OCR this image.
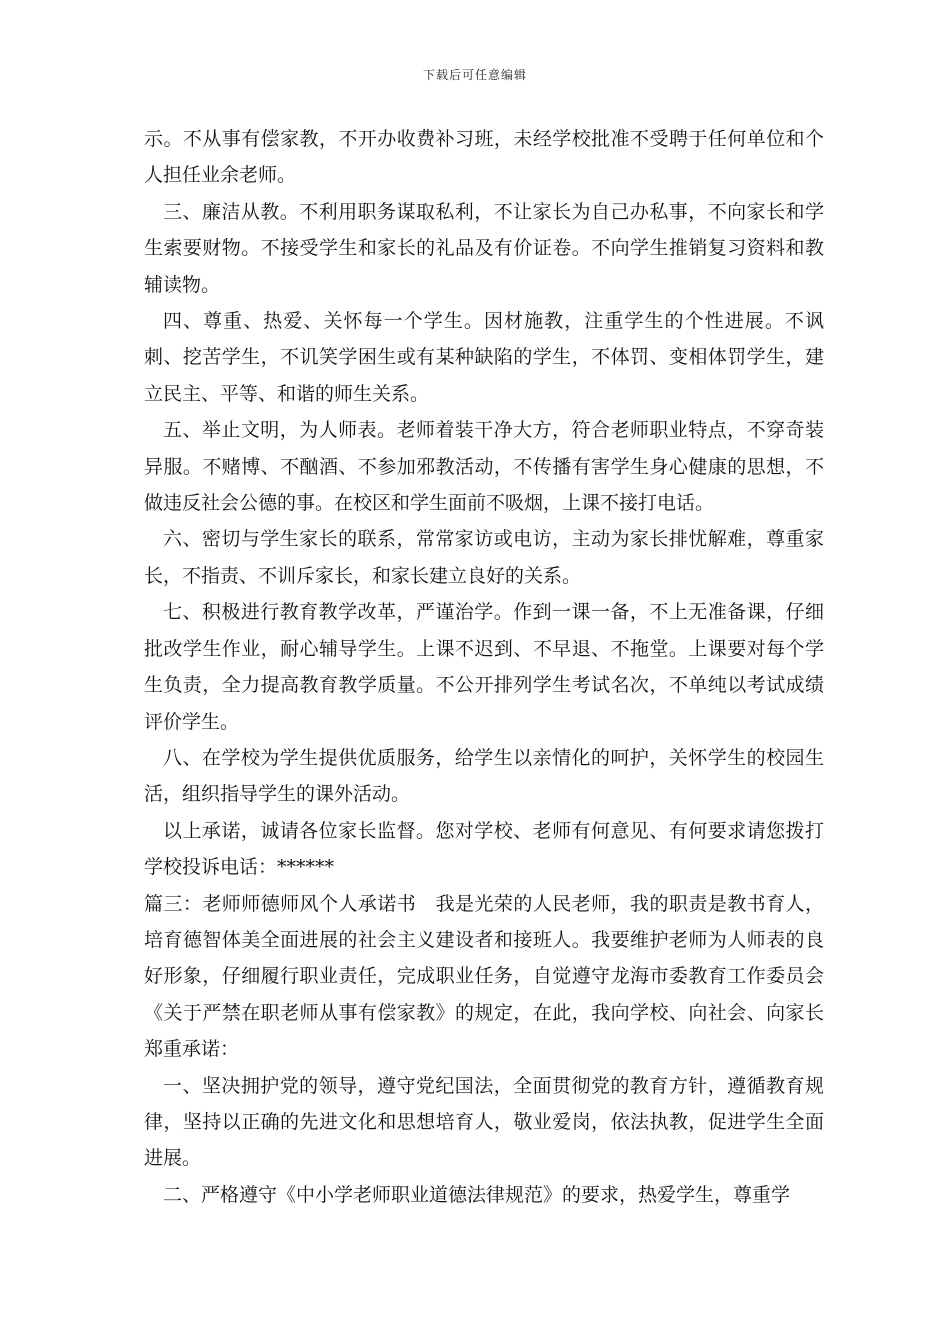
下载后可任意编辑

示。不从事有偿家教，不开办收费补习班，未经学校批准不受聘于任何单位和个人担任业余老师。

三、廉洁从教。不利用职务谋取私利，不让家长为自己办私事，不向家长和学生索要财物。不接受学生和家长的礼品及有价证卷。不向学生推销复习资料和教辅读物。

四、尊重、热爱、关怀每一个学生。因材施教，注重学生的个性进展。不讽刺、挖苦学生，不讥笑学困生或有某种缺陷的学生，不体罚、变相体罚学生，建立民主、平等、和谐的师生关系。

五、举止文明，为人师表。老师着装干净大方，符合老师职业特点，不穿奇装异服。不赌博、不酗酒、不参加邪教活动，不传播有害学生身心健康的思想，不做违反社会公德的事。在校区和学生面前不吸烟，上课不接打电话。

六、密切与学生家长的联系，常常家访或电访，主动为家长排忧解难，尊重家长，不指责、不训斥家长，和家长建立良好的关系。

七、积极进行教育教学改革，严谨治学。作到一课一备，不上无准备课，仔细批改学生作业，耐心辅导学生。上课不迟到、不早退、不拖堂。上课要对每个学生负责，全力提高教育教学质量。不公开排列学生考试名次，不单纯以考试成绩评价学生。

八、在学校为学生提供优质服务，给学生以亲情化的呵护，关怀学生的校园生活，组织指导学生的课外活动。

以上承诺，诚请各位家长监督。您对学校、老师有何意见、有何要求请您拨打学校投诉电话：******

篇三：老师师德师风个人承诺书　我是光荣的人民老师，我的职责是教书育人，培育德智体美全面进展的社会主义建设者和接班人。我要维护老师为人师表的良好形象，仔细履行职业责任，完成职业任务，自觉遵守龙海市委教育工作委员会《关于严禁在职老师从事有偿家教》的规定，在此，我向学校、向社会、向家长郑重承诺：

一、坚决拥护党的领导，遵守党纪国法，全面贯彻党的教育方针，遵循教育规律，坚持以正确的先进文化和思想培育人，敬业爱岗，依法执教，促进学生全面进展。

二、严格遵守《中小学老师职业道德法律规范》的要求，热爱学生，尊重学
